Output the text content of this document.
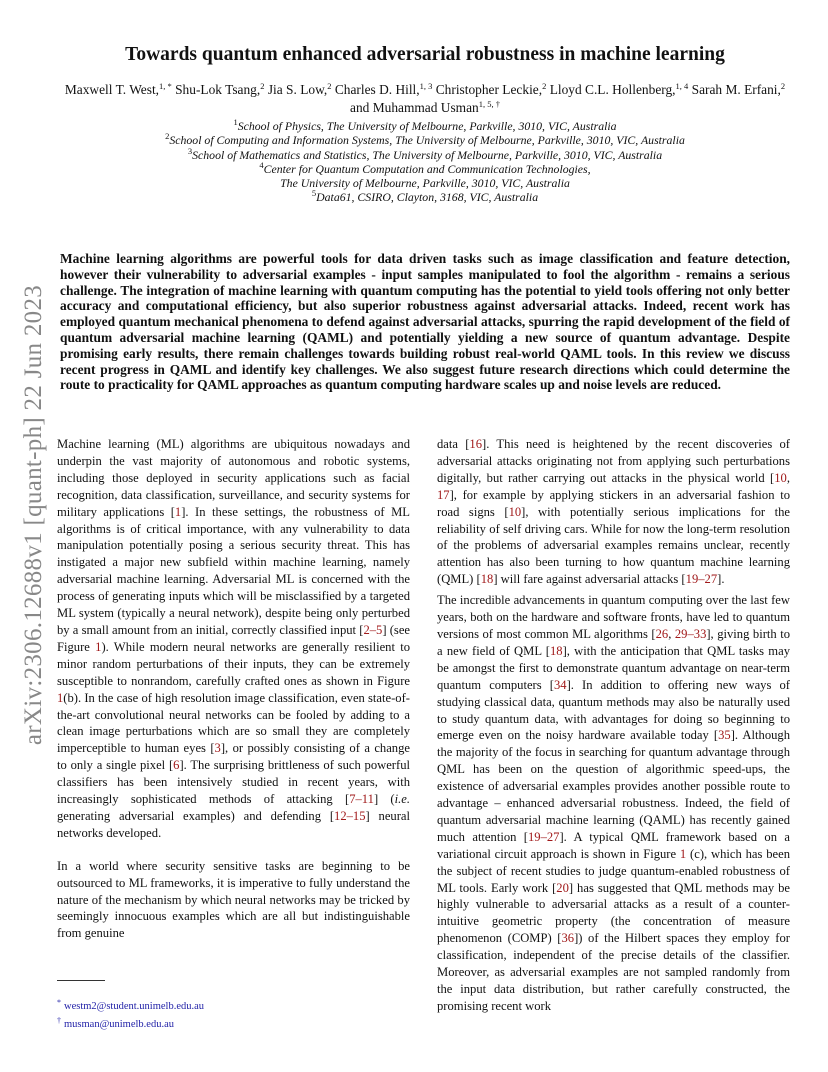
arXiv:2306.12688v1 [quant-ph] 22 Jun 2023
Towards quantum enhanced adversarial robustness in machine learning
Maxwell T. West,$^{1, *}$ Shu-Lok Tsang,$^2$ Jia S. Low,$^2$ Charles D. Hill,$^{1, 3}$ Christopher Leckie,$^2$ Lloyd C.L. Hollenberg,$^{1, 4}$ Sarah M. Erfani,$^2$ and Muhammad Usman$^{1, 5, \dagger}$
$^1$School of Physics, The University of Melbourne, Parkville, 3010, VIC, Australia
$^2$School of Computing and Information Systems, The University of Melbourne, Parkville, 3010, VIC, Australia
$^3$School of Mathematics and Statistics, The University of Melbourne, Parkville, 3010, VIC, Australia
$^4$Center for Quantum Computation and Communication Technologies,
The University of Melbourne, Parkville, 3010, VIC, Australia
$^5$Data61, CSIRO, Clayton, 3168, VIC, Australia
Machine learning algorithms are powerful tools for data driven tasks such as image classification and feature detection, however their vulnerability to adversarial examples - input samples manipulated to fool the algorithm - remains a serious challenge. The integration of machine learning with quantum computing has the potential to yield tools offering not only better accuracy and computational efficiency, but also superior robustness against adversarial attacks. Indeed, recent work has employed quantum mechanical phenomena to defend against adversarial attacks, spurring the rapid development of the field of quantum adversarial machine learning (QAML) and potentially yielding a new source of quantum advantage. Despite promising early results, there remain challenges towards building robust real-world QAML tools. In this review we discuss recent progress in QAML and identify key challenges. We also suggest future research directions which could determine the route to practicality for QAML approaches as quantum computing hardware scales up and noise levels are reduced.

Machine learning (ML) algorithms are ubiquitous nowadays and underpin the vast majority of autonomous and robotic systems, including those deployed in security applications such as facial recognition, data classification, surveillance, and security systems for military applications [1]. In these settings, the robustness of ML algorithms is of critical importance, with any vulnerability to data manipulation potentially posing a serious security threat. This has instigated a major new subfield within machine learning, namely adversarial machine learning. Adversarial ML is concerned with the process of generating inputs which will be misclassified by a targeted ML system (typically a neural network), despite being only perturbed by a small amount from an initial, correctly classified input [2–5] (see Figure 1). While modern neural networks are generally resilient to minor random perturbations of their inputs, they can be extremely susceptible to nonrandom, carefully crafted ones as shown in Figure 1(b). In the case of high resolution image classification, even state-of-the-art convolutional neural networks can be fooled by adding to a clean image perturbations which are so small they are completely imperceptible to human eyes [3], or possibly consisting of a change to only a single pixel [6]. The surprising brittleness of such powerful classifiers has been intensively studied in recent years, with increasingly sophisticated methods of attacking [7–11] (i.e. generating adversarial examples) and defending [12–15] neural networks developed.

In a world where security sensitive tasks are beginning to be outsourced to ML frameworks, it is imperative to fully understand the nature of the mechanism by which neural networks may be tricked by seemingly innocuous examples which are all but indistinguishable from genuine

data [16]. This need is heightened by the recent discoveries of adversarial attacks originating not from applying such perturbations digitally, but rather carrying out attacks in the physical world [10, 17], for example by applying stickers in an adversarial fashion to road signs [10], with potentially serious implications for the reliability of self driving cars. While for now the long-term resolution of the problems of adversarial examples remains unclear, recently attention has also been turning to how quantum machine learning (QML) [18] will fare against adversarial attacks [19–27].

The incredible advancements in quantum computing over the last few years, both on the hardware and software fronts, have led to quantum versions of most common ML algorithms [26, 29–33], giving birth to a new field of QML [18], with the anticipation that QML tasks may be amongst the first to demonstrate quantum advantage on near-term quantum computers [34]. In addition to offering new ways of studying classical data, quantum methods may also be naturally used to study quantum data, with advantages for doing so beginning to emerge even on the noisy hardware available today [35]. Although the majority of the focus in searching for quantum advantage through QML has been on the question of algorithmic speed-ups, the existence of adversarial examples provides another possible route to advantage – enhanced adversarial robustness. Indeed, the field of quantum adversarial machine learning (QAML) has recently gained much attention [19–27]. A typical QML framework based on a variational circuit approach is shown in Figure 1 (c), which has been the subject of recent studies to judge quantum-enabled robustness of ML tools. Early work [20] has suggested that QML methods may be highly vulnerable to adversarial attacks as a result of a counter-intuitive geometric property (the concentration of measure phenomenon (COMP) [36]) of the Hilbert spaces they employ for classification, independent of the precise details of the classifier. Moreover, as adversarial examples are not sampled randomly from the input data distribution, but rather carefully constructed, the promising recent work

* westm2@student.unimelb.edu.au
† musman@unimelb.edu.au
